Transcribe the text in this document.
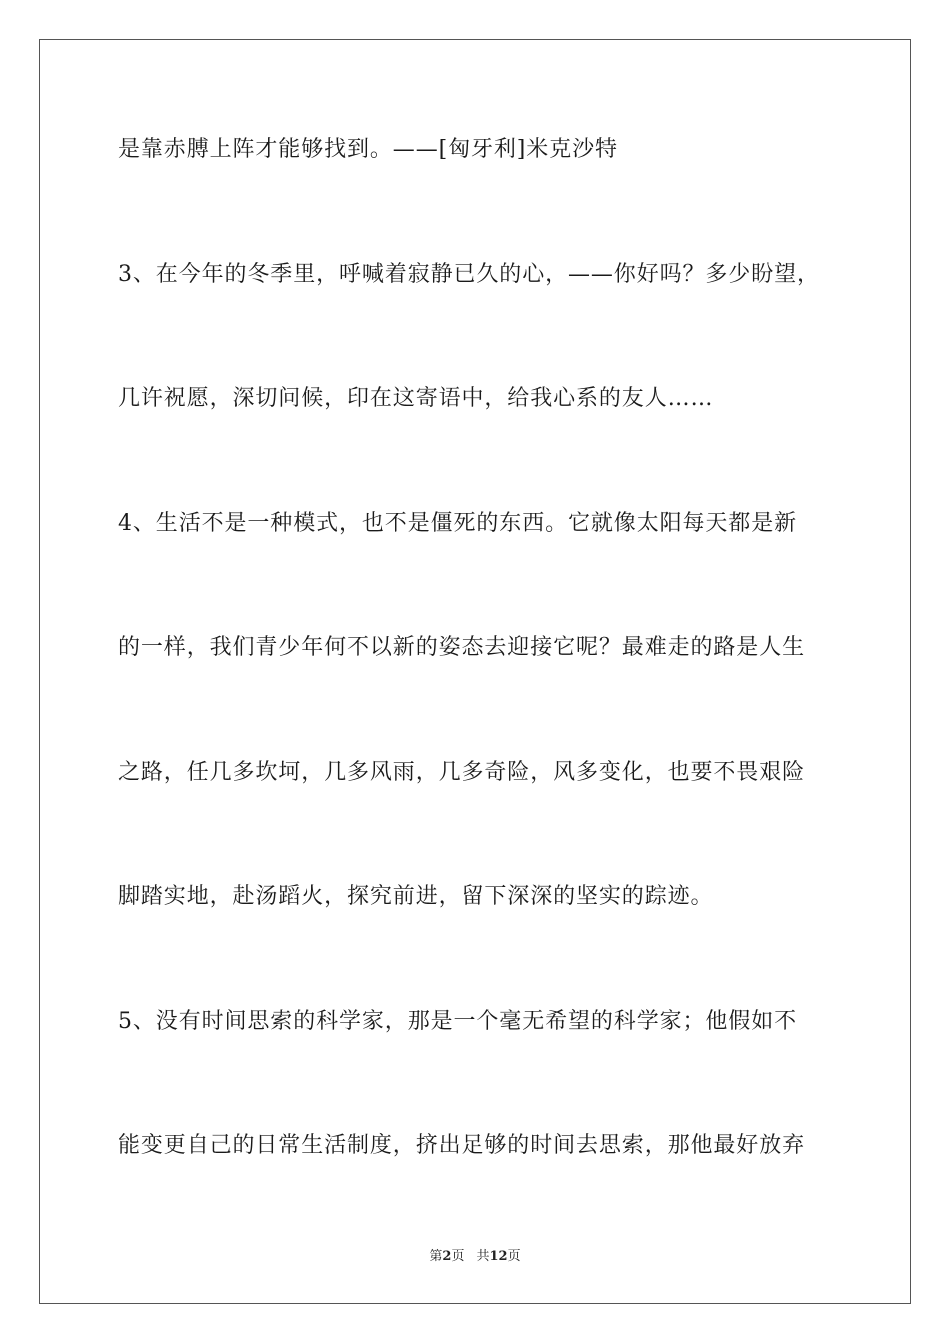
是靠赤膊上阵才能够找到。——[匈牙利]米克沙特
3、在今年的冬季里，呼喊着寂静已久的心，——你好吗？多少盼望，
几许祝愿，深切问候，印在这寄语中，给我心系的友人……
4、生活不是一种模式，也不是僵死的东西。它就像太阳每天都是新
的一样，我们青少年何不以新的姿态去迎接它呢？最难走的路是人生
之路，任几多坎坷，几多风雨，几多奇险，风多变化，也要不畏艰险
脚踏实地，赴汤蹈火，探究前进，留下深深的坚实的踪迹。
5、没有时间思索的科学家，那是一个毫无希望的科学家；他假如不
能变更自己的日常生活制度，挤出足够的时间去思索，那他最好放弃
第2页 共12页
